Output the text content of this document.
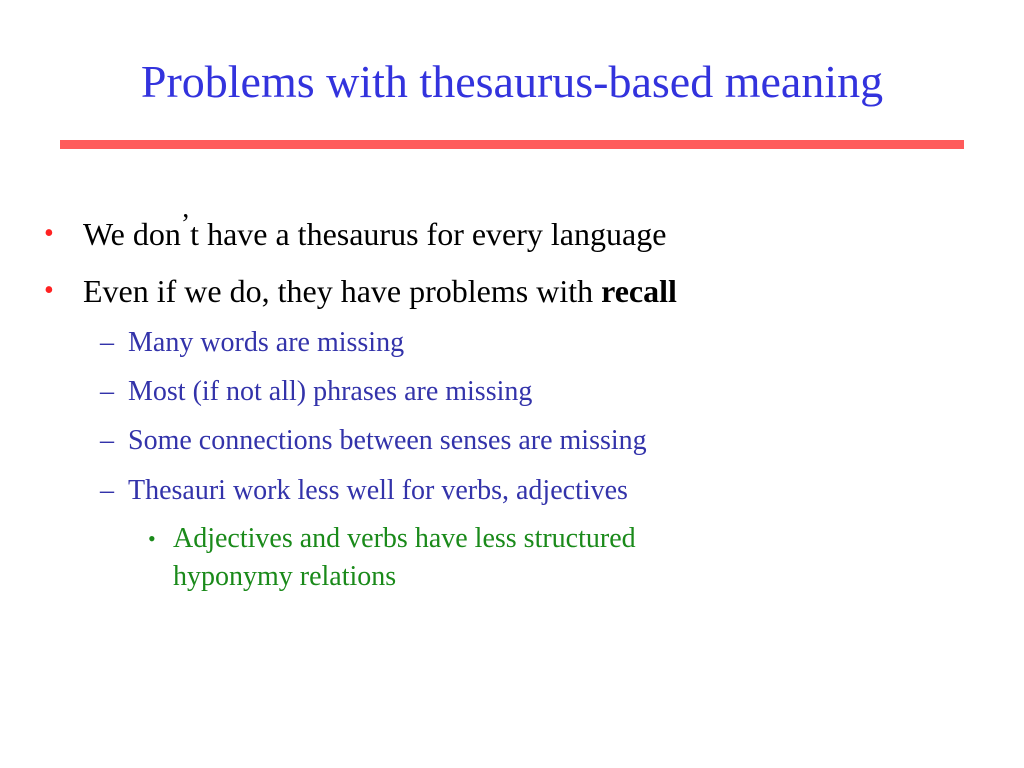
Problems with thesaurus-based meaning
• We don’t have a thesaurus for every language
• Even if we do, they have problems with recall
– Many words are missing
– Most (if not all) phrases are missing
– Some connections between senses are missing
– Thesauri work less well for verbs, adjectives
• Adjectives and verbs have less structured
hyponymy relations
